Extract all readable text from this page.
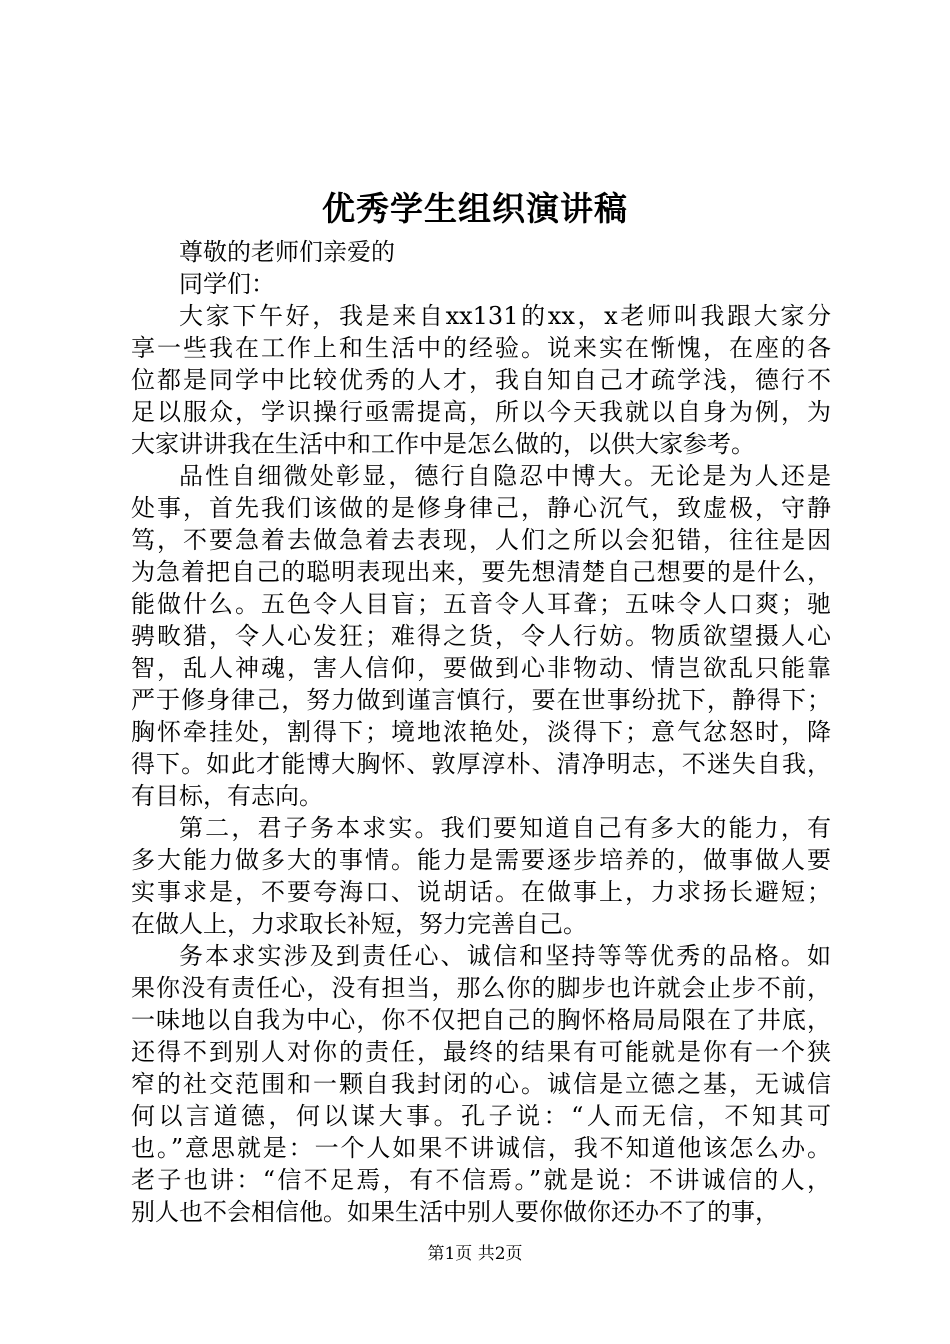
优秀学生组织演讲稿

尊敬的老师们亲爱的

同学们：

大家下午好，我是来自xx131的xx，x老师叫我跟大家分

享一些我在工作上和生活中的经验。说来实在惭愧，在座的各

位都是同学中比较优秀的人才，我自知自己才疏学浅，德行不

足以服众，学识操行亟需提高，所以今天我就以自身为例，为

大家讲讲我在生活中和工作中是怎么做的，以供大家参考。

品性自细微处彰显，德行自隐忍中博大。无论是为人还是

处事，首先我们该做的是修身律己，静心沉气，致虚极，守静

笃，不要急着去做急着去表现，人们之所以会犯错，往往是因

为急着把自己的聪明表现出来，要先想清楚自己想要的是什么，

能做什么。五色令人目盲；五音令人耳聋；五味令人口爽；驰

骋畋猎，令人心发狂；难得之货，令人行妨。物质欲望摄人心

智，乱人神魂，害人信仰，要做到心非物动、情岂欲乱只能靠

严于修身律己，努力做到谨言慎行，要在世事纷扰下，静得下；

胸怀牵挂处，割得下；境地浓艳处，淡得下；意气忿怒时，降

得下。如此才能博大胸怀、敦厚淳朴、清净明志，不迷失自我，

有目标，有志向。

第二，君子务本求实。我们要知道自己有多大的能力，有

多大能力做多大的事情。能力是需要逐步培养的，做事做人要

实事求是，不要夸海口、说胡话。在做事上，力求扬长避短；

在做人上，力求取长补短，努力完善自己。

务本求实涉及到责任心、诚信和坚持等等优秀的品格。如

果你没有责任心，没有担当，那么你的脚步也许就会止步不前，

一味地以自我为中心，你不仅把自己的胸怀格局局限在了井底，

还得不到别人对你的责任，最终的结果有可能就是你有一个狭

窄的社交范围和一颗自我封闭的心。诚信是立德之基，无诚信

何以言道德，何以谋大事。孔子说：“人而无信，不知其可

也。”意思就是：一个人如果不讲诚信，我不知道他该怎么办。

老子也讲：“信不足焉，有不信焉。”就是说：不讲诚信的人，

别人也不会相信他。如果生活中别人要你做你还办不了的事，

第1页 共2页
